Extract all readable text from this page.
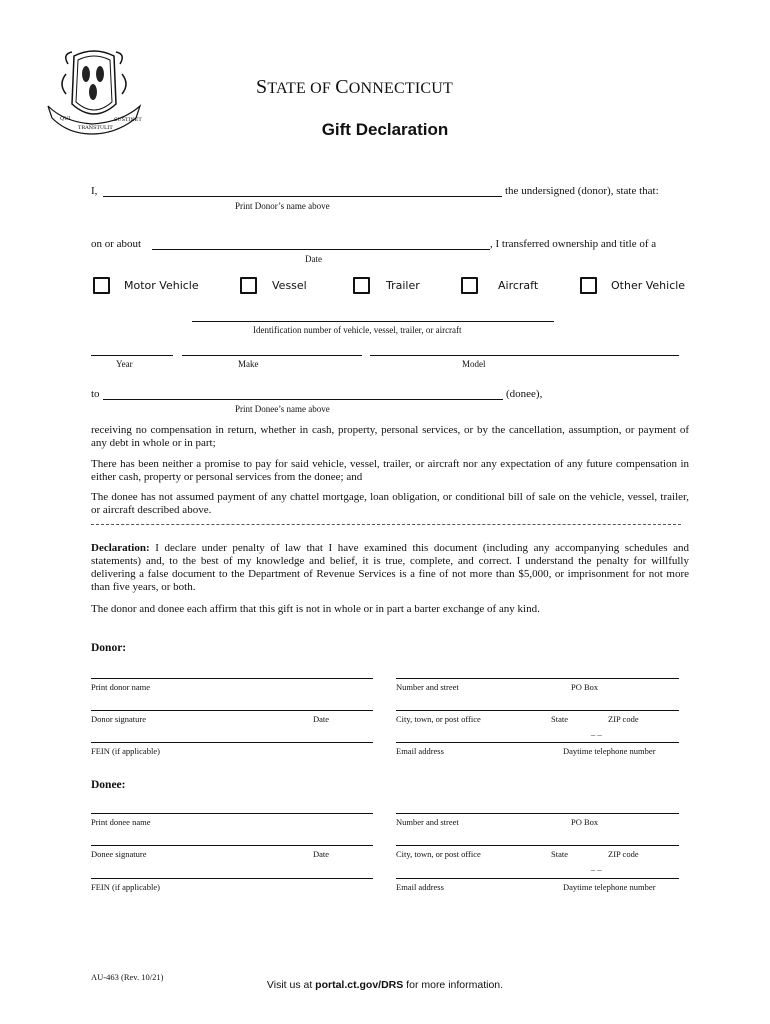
QUI
TRANSTULIT
SUSTINET
STATE OF CONNECTICUT
Gift Declaration
I,	the undersigned (donor), state that:
Print Donor’s name above
on or about	, I transferred ownership and title of a
Date
Motor Vehicle	Vessel	Trailer	Aircraft	Other Vehicle
Identification number of vehicle, vessel, trailer, or aircraft
Year	Make	Model
to	(donee),
Print Donee’s name above
receiving no compensation in return, whether in cash, property, personal services, or by the cancellation, assumption, or payment of any debt in whole or in part;
There has been neither a promise to pay for said vehicle, vessel, trailer, or aircraft nor any expectation of any future compensation in either cash, property or personal services from the donee; and
The donee has not assumed payment of any chattel mortgage, loan obligation, or conditional bill of sale on the vehicle, vessel, trailer, or aircraft described above.
Declaration: I declare under penalty of law that I have examined this document (including any accompanying schedules and statements) and, to the best of my knowledge and belief, it is true, complete, and correct. I understand the penalty for willfully delivering a false document to the Department of Revenue Services is a fine of not more than $5,000, or imprisonment for not more than five years, or both.
The donor and donee each affirm that this gift is not in whole or in part a barter exchange of any kind.
Donor:
Print donor name	Number and street	PO Box
Donor signature	Date	City, town, or post office	State	ZIP code
– –
FEIN (if applicable)	Email address	Daytime telephone number
Donee:
Print donee name	Number and street	PO Box
Donee signature	Date	City, town, or post office	State	ZIP code
– –
FEIN (if applicable)	Email address	Daytime telephone number
AU-463 (Rev. 10/21)
Visit us at portal.ct.gov/DRS for more information.
